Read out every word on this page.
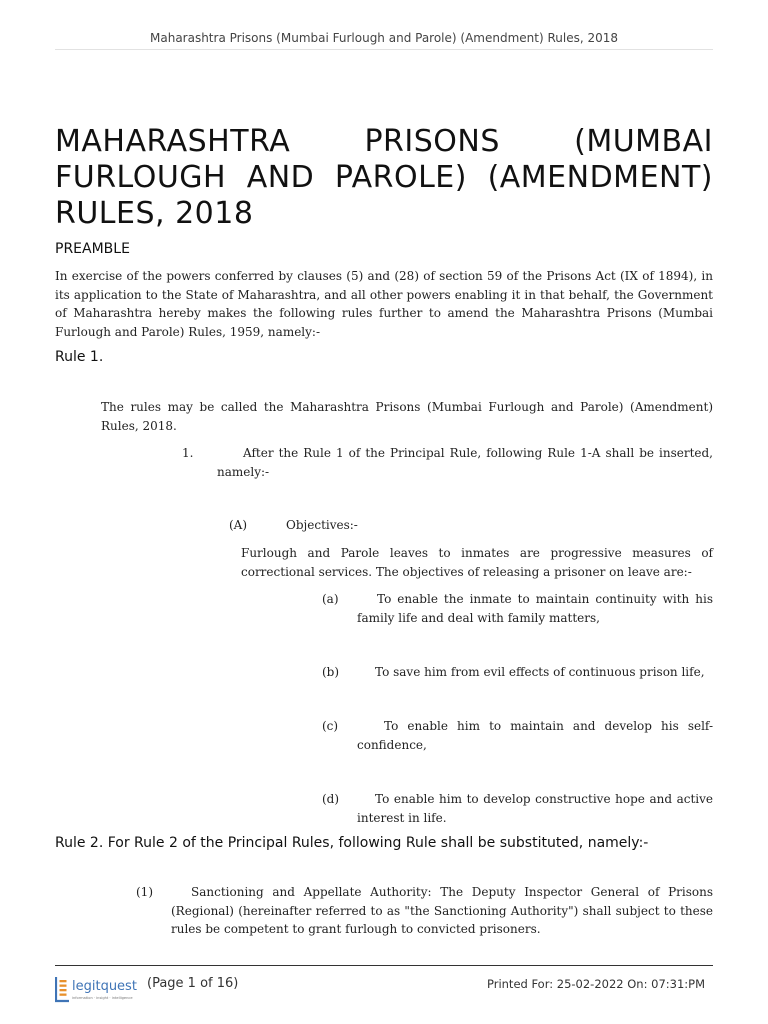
Maharashtra Prisons (Mumbai Furlough and Parole) (Amendment) Rules, 2018
MAHARASHTRA PRISONS (MUMBAI FURLOUGH AND PAROLE) (AMENDMENT) RULES, 2018
PREAMBLE

In exercise of the powers conferred by clauses (5) and (28) of section 59 of the Prisons Act (IX of 1894), in its application to the State of Maharashtra, and all other powers enabling it in that behalf, the Government of Maharashtra hereby makes the following rules further to amend the Maharashtra Prisons (Mumbai Furlough and Parole) Rules, 1959, namely:-

Rule 1.

The rules may be called the Maharashtra Prisons (Mumbai Furlough and Parole) (Amendment) Rules, 2018.

1.	After the Rule 1 of the Principal Rule, following Rule 1-A shall be inserted, namely:-

(A)	Objectives:-

Furlough and Parole leaves to inmates are progressive measures of correctional services. The objectives of releasing a prisoner on leave are:-

(a)	To enable the inmate to maintain continuity with his family life and deal with family matters,

(b)	To save him from evil effects of continuous prison life,

(c)	To enable him to maintain and develop his self-confidence,

(d)	To enable him to develop constructive hope and active interest in life.

Rule 2. For Rule 2 of the Principal Rules, following Rule shall be substituted, namely:-
(1)	Sanctioning and Appellate Authority: The Deputy Inspector General of Prisons (Regional) (hereinafter referred to as "the Sanctioning Authority") shall subject to these rules be competent to grant furlough to convicted prisoners.

legitquest
information · insight · intelligence
(Page 1 of 16)	Printed For: 25-02-2022 On: 07:31:PM
